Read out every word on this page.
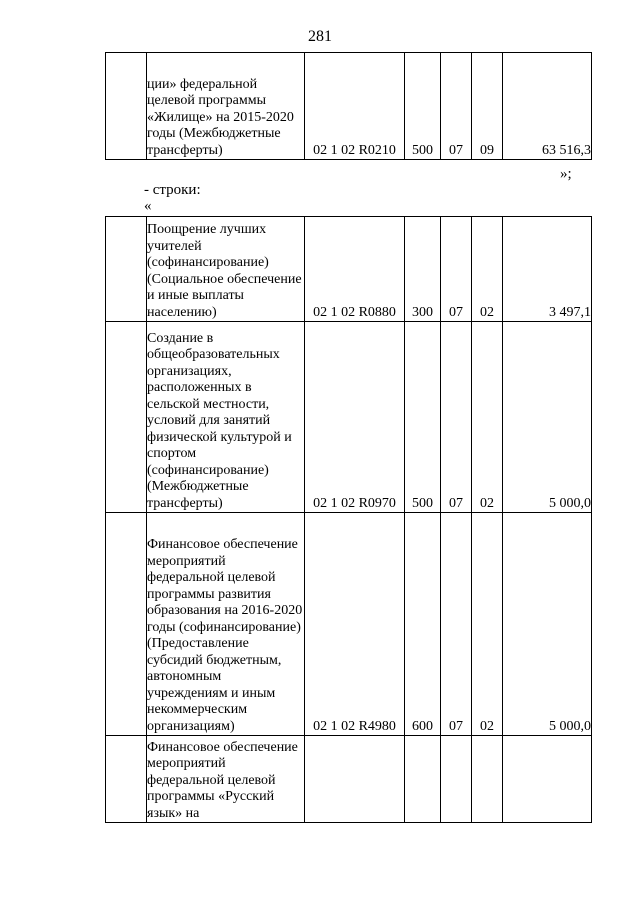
281

ции» федеральной целевой программы «Жилище» на 2015-2020 годы (Межбюджетные трансферты)	02 1 02 R0210	500	07	09	63 516,3
»;
- строки:
«

	Поощрение лучших учителей (софинансирование) (Социальное обеспечение и иные выплаты населению)	02 1 02 R0880	300	07	02	3 497,1

	Создание в общеобразовательных организациях, расположенных в сельской местности, условий для занятий физической культурой и спортом (софинансирование) (Межбюджетные трансферты)	02 1 02 R0970	500	07	02	5 000,0

	Финансовое обеспечение мероприятий федеральной целевой программы развития образования на 2016-2020 годы (софинансирование) (Предоставление субсидий бюджетным, автономным учреждениям и иным некоммерческим организациям)	02 1 02 R4980	600	07	02	5 000,0

	Финансовое обеспечение мероприятий федеральной целевой программы «Русский язык» на					
